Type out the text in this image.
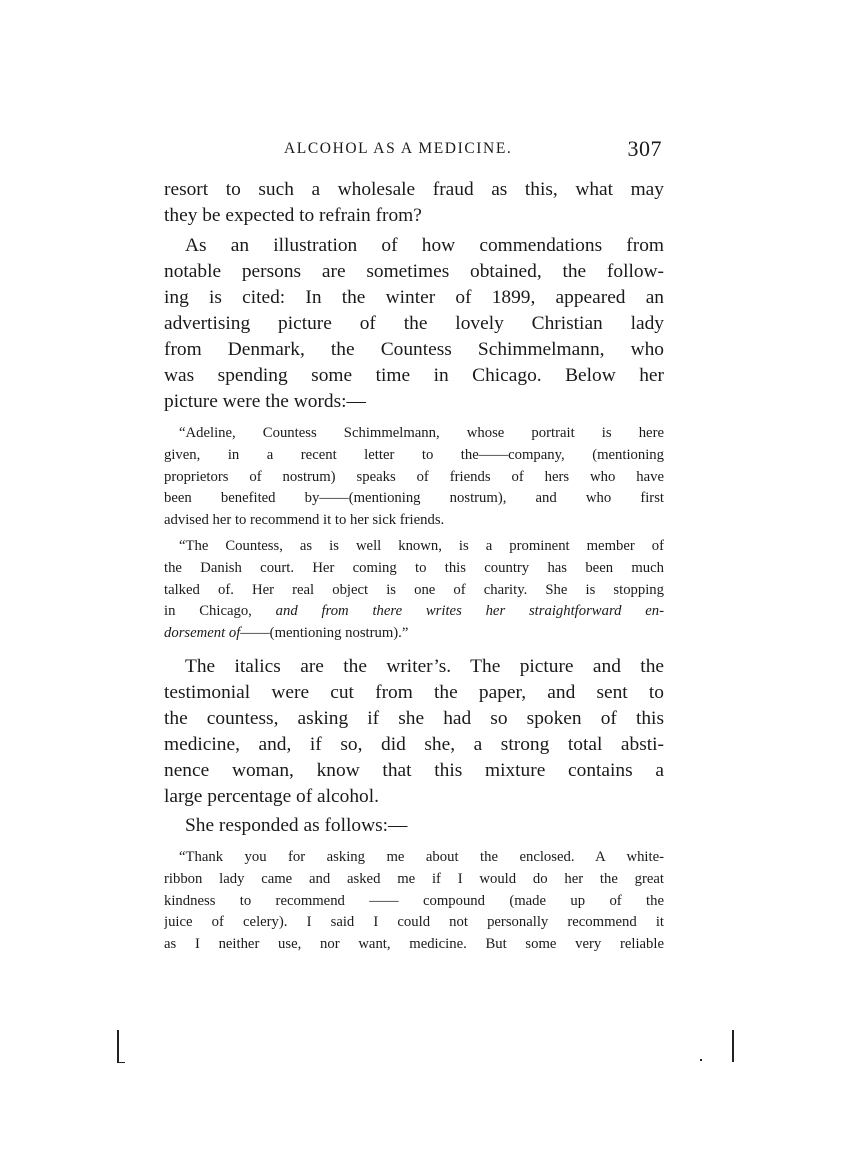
ALCOHOL AS A MEDICINE.	307
resort to such a wholesale fraud as this, what may
they be expected to refrain from?
As an illustration of how commendations from
notable persons are sometimes obtained, the follow-
ing is cited: In the winter of 1899, appeared an
advertising picture of the lovely Christian lady
from Denmark, the Countess Schimmelmann, who
was spending some time in Chicago. Below her
picture were the words:—
“Adeline, Countess Schimmelmann, whose portrait is here
given, in a recent letter to the——company, (mentioning
proprietors of nostrum) speaks of friends of hers who have
been benefited by——(mentioning nostrum), and who first
advised her to recommend it to her sick friends.
“The Countess, as is well known, is a prominent member of
the Danish court. Her coming to this country has been much
talked of. Her real object is one of charity. She is stopping
in Chicago, and from there writes her straightforward en-
dorsement of——(mentioning nostrum).”
The italics are the writer’s. The picture and the
testimonial were cut from the paper, and sent to
the countess, asking if she had so spoken of this
medicine, and, if so, did she, a strong total absti-
nence woman, know that this mixture contains a
large percentage of alcohol.
She responded as follows:—
“Thank you for asking me about the enclosed. A white-
ribbon lady came and asked me if I would do her the great
kindness to recommend —— compound (made up of the
juice of celery). I said I could not personally recommend it
as I neither use, nor want, medicine. But some very reliable
